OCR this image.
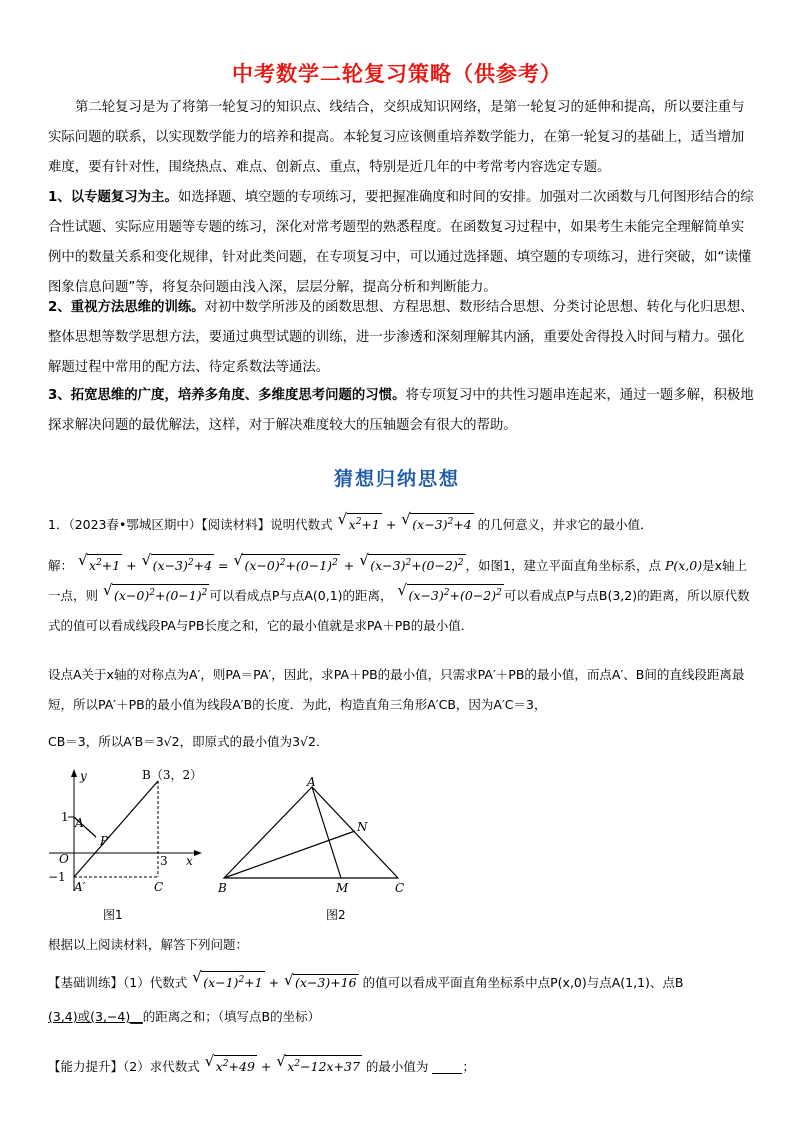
中考数学二轮复习策略（供参考）
第二轮复习是为了将第一轮复习的知识点、线结合，交织成知识网络，是第一轮复习的延伸和提高，所以要注重与实际问题的联系，以实现数学能力的培养和提高。本轮复习应该侧重培养数学能力，在第一轮复习的基础上，适当增加难度，要有针对性，围绕热点、难点、创新点、重点，特别是近几年的中考常考内容选定专题。
1、以专题复习为主。如选择题、填空题的专项练习，要把握准确度和时间的安排。加强对二次函数与几何图形结合的综合性试题、实际应用题等专题的练习，深化对常考题型的熟悉程度。在函数复习过程中，如果考生未能完全理解简单实例中的数量关系和变化规律，针对此类问题，在专项复习中，可以通过选择题、填空题的专项练习，进行突破，如“读懂图象信息问题”等，将复杂问题由浅入深，层层分解，提高分析和判断能力。
2、重视方法思维的训练。对初中数学所涉及的函数思想、方程思想、数形结合思想、分类讨论思想、转化与化归思想、整体思想等数学思想方法，要通过典型试题的训练，进一步渗透和深刻理解其内涵，重要处舍得投入时间与精力。强化解题过程中常用的配方法、待定系数法等通法。
3、拓宽思维的广度，培养多角度、多维度思考问题的习惯。将专项复习中的共性习题串连起来，通过一题多解，积极地探求解决问题的最优解法，这样，对于解决难度较大的压轴题会有很大的帮助。
猜想归纳思想
1．（2023春•鄂城区期中）【阅读材料】说明代数式 √ $x^2+1$ + √ $(x-3)^2+4$ 的几何意义，并求它的最小值．
解： √ $x^2+1$ + √ $(x-3)^2+4$ = √ $(x-0)^2+(0-1)^2$ + √ $(x-3)^2+(0-2)^2$ ，如图1，建立平面直角坐标系，点 P(x,0)是x轴上一点，则 √ $(x-0)^2+(0-1)^2$ 可以看成点P与点A(0,1)的距离， √ $(x-3)^2+(0-2)^2$ 可以看成点P与点B(3,2)的距离，所以原代数式的值可以看成线段PA与PB长度之和，它的最小值就是求PA＋PB的最小值．
设点A关于x轴的对称点为A′，则PA＝PA′，因此，求PA＋PB的最小值，只需求PA′＋PB的最小值，而点A′、B间的直线段距离最短，所以PA′＋PB的最小值为线段A′B的长度．为此，构造直角三角形A′CB，因为A′C＝3，
CB＝3，所以A′B＝3√2，即原式的最小值为3√2．
y
x
B（3，2）
A
P
O
A′	C
1
−1
3
图1
A
N
B	M	C
图2
根据以上阅读材料，解答下列问题：
【基础训练】（1）代数式 √ $(x-1)^2+1$ + √ (x−3)+16 的值可以看成平面直角坐标系中点P(x,0)与点A(1,1)、点B
(3,4)或(3,−4)__的距离之和；（填写点B的坐标）
【能力提升】（2）求代数式 √ $x^2+49$ + √ $x^2-12x+37$ 的最小值为	；
